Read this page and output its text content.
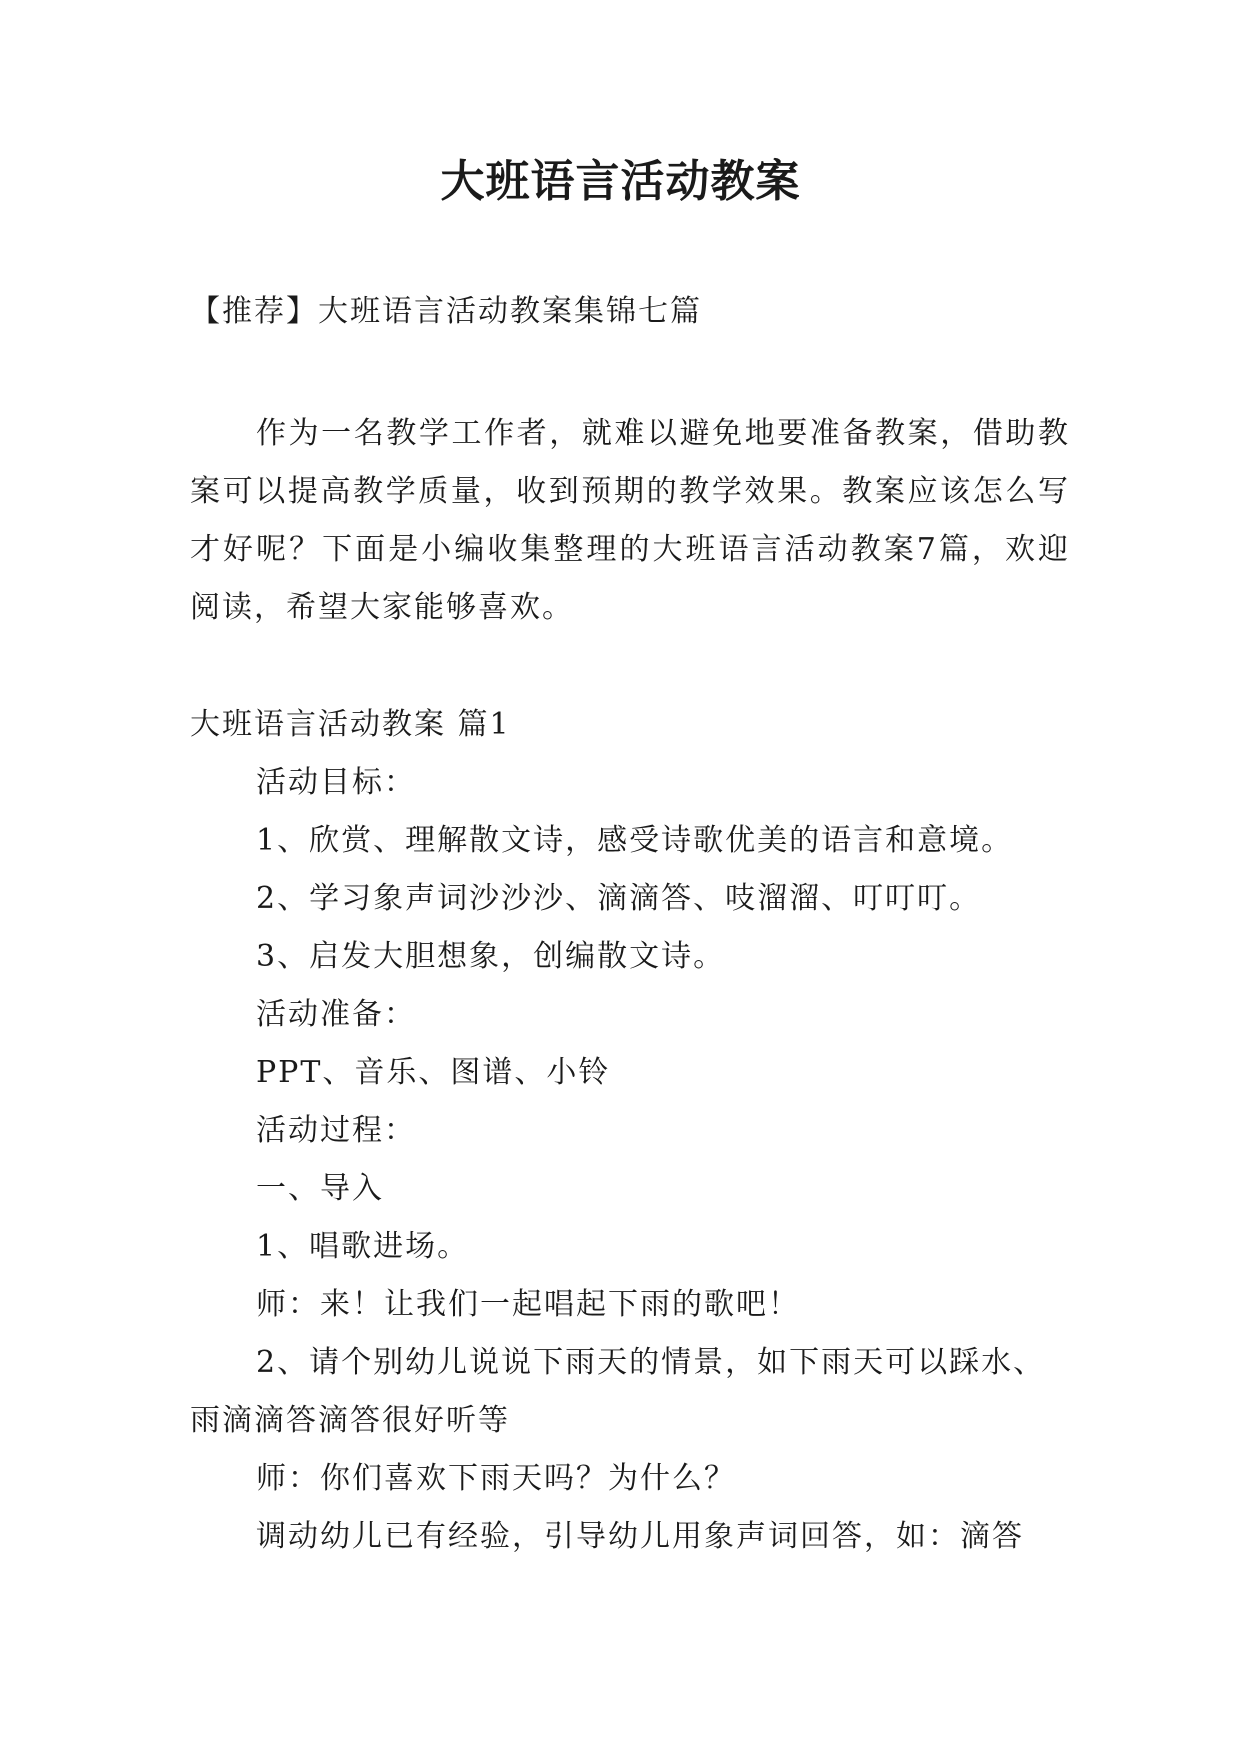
大班语言活动教案

【推荐】大班语言活动教案集锦七篇

作为一名教学工作者，就难以避免地要准备教案，借助教案可以提高教学质量，收到预期的教学效果。教案应该怎么写才好呢？下面是小编收集整理的大班语言活动教案7篇，欢迎阅读，希望大家能够喜欢。

大班语言活动教案 篇1

活动目标：

1、欣赏、理解散文诗，感受诗歌优美的语言和意境。

2、学习象声词沙沙沙、滴滴答、吱溜溜、叮叮叮。

3、启发大胆想象，创编散文诗。

活动准备：

PPT、音乐、图谱、小铃

活动过程：

一、导入

1、唱歌进场。

师：来！让我们一起唱起下雨的歌吧！

2、请个别幼儿说说下雨天的情景，如下雨天可以踩水、雨滴滴答滴答很好听等

师：你们喜欢下雨天吗？为什么？

调动幼儿已有经验，引导幼儿用象声词回答，如：滴答
